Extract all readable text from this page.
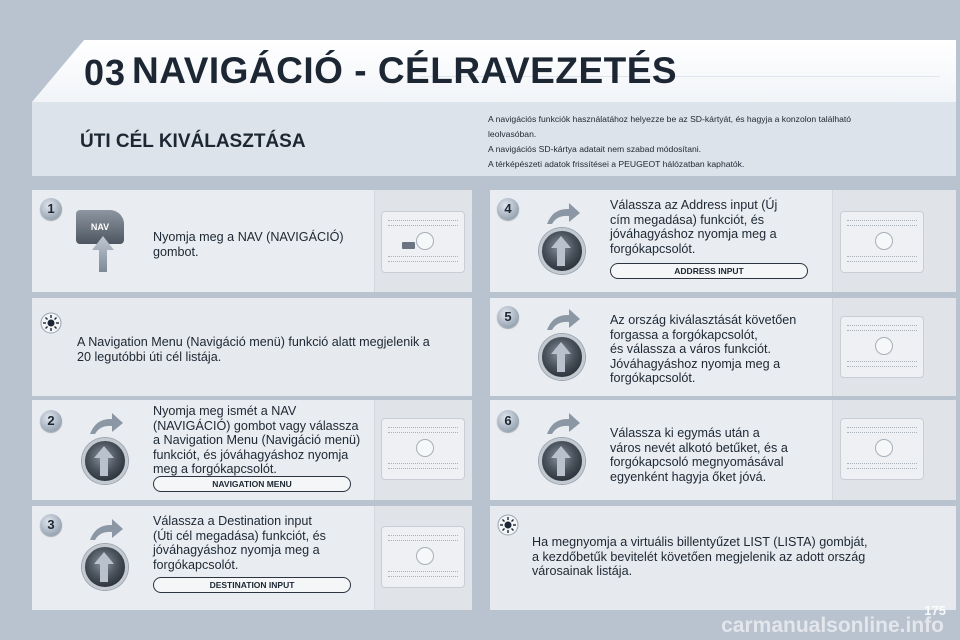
03 NAVIGÁCIÓ - CÉLRAVEZETÉS
ÚTI CÉL KIVÁLASZTÁSA
A navigációs funkciók használatához helyezze be az SD-kártyát, és hagyja a konzolon található
leolvasóban.
A navigációs SD-kártya adatait nem szabad módosítani.
A térképészeti adatok frissítései a PEUGEOT hálózatban kaphatók.
1
NAV
Nyomja meg a NAV (NAVIGÁCIÓ)
gombot.
A Navigation Menu (Navigáció menü) funkció alatt megjelenik a
20 legutóbbi úti cél listája.
2
Nyomja meg ismét a NAV
(NAVIGÁCIÓ) gombot vagy válassza
a Navigation Menu (Navigáció menü)
funkciót, és jóváhagyáshoz nyomja
meg a forgókapcsolót.
NAVIGATION MENU
3	Válassza a Destination input
(Úti cél megadása) funkciót, és
jóváhagyáshoz nyomja meg a
forgókapcsolót.
DESTINATION INPUT
4	Válassza az Address input (Új
cím megadása) funkciót, és
jóváhagyáshoz nyomja meg a
forgókapcsolót.
ADDRESS INPUT
5	Az ország kiválasztását követően
forgassa a forgókapcsolót,
és válassza a város funkciót.
Jóváhagyáshoz nyomja meg a
forgókapcsolót.
6
Válassza ki egymás után a
város nevét alkotó betűket, és a
forgókapcsoló megnyomásával
egyenként hagyja őket jóvá.
Ha megnyomja a virtuális billentyűzet LIST (LISTA) gombját,
a kezdőbetűk bevitelét követően megjelenik az adott ország
városainak listája.
carmanualsonline.info
175
